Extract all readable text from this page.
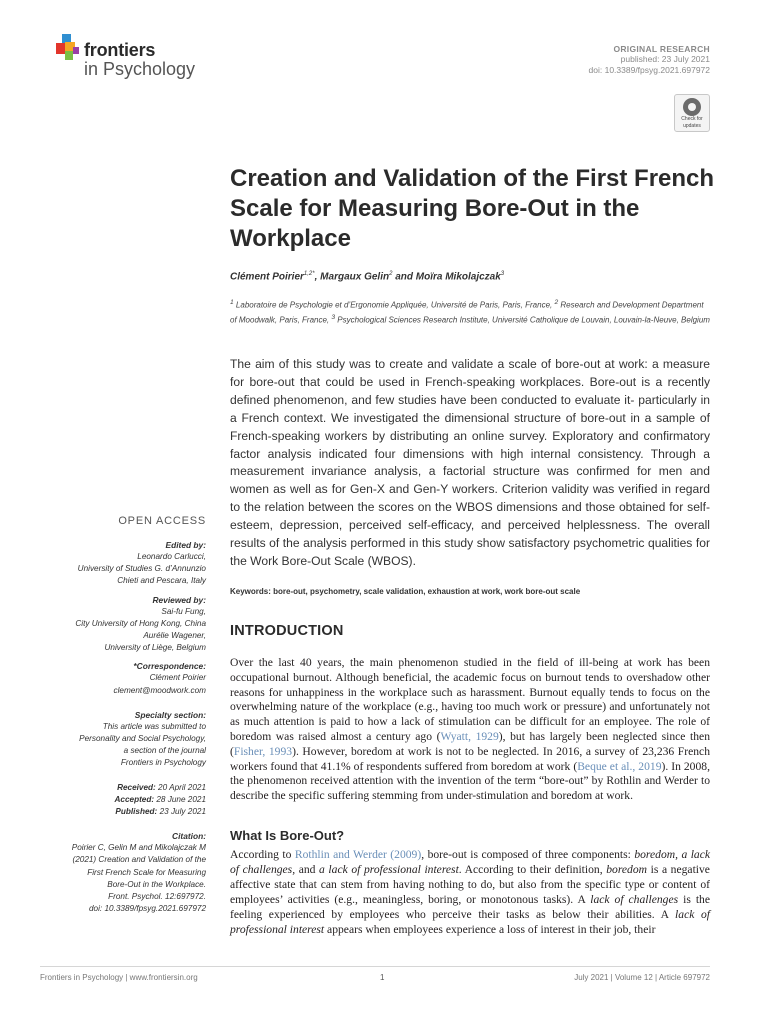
frontiers
in Psychology
ORIGINAL RESEARCH
published: 23 July 2021
doi: 10.3389/fpsyg.2021.697972
Check for
updates
Creation and Validation of the First French Scale for Measuring Bore-Out in the Workplace
Clément Poirier$^{1,2*}$, Margaux Gelin$^2$ and Moïra Mikolajczak$^3$

$^1$ Laboratoire de Psychologie et d’Ergonomie Appliquée, Université de Paris, Paris, France, $^2$ Research and Development Department of Moodwalk, Paris, France, $^3$ Psychological Sciences Research Institute, Université Catholique de Louvain, Louvain-la-Neuve, Belgium

The aim of this study was to create and validate a scale of bore-out at work: a measure for bore-out that could be used in French-speaking workplaces. Bore-out is a recently defined phenomenon, and few studies have been conducted to evaluate it- particularly in a French context. We investigated the dimensional structure of bore-out in a sample of French-speaking workers by distributing an online survey. Exploratory and confirmatory factor analysis indicated four dimensions with high internal consistency. Through a measurement invariance analysis, a factorial structure was confirmed for men and women as well as for Gen-X and Gen-Y workers. Criterion validity was verified in regard to the relation between the scores on the WBOS dimensions and those obtained for self-esteem, depression, perceived self-efficacy, and perceived helplessness. The overall results of the analysis performed in this study show satisfactory psychometric qualities for the Work Bore-Out Scale (WBOS).

Keywords: bore-out, psychometry, scale validation, exhaustion at work, work bore-out scale
OPEN ACCESS
Edited by:
Leonardo Carlucci,
University of Studies G. d’Annunzio
Chieti and Pescara, Italy
Reviewed by:
Sai-fu Fung,
City University of Hong Kong, China
Aurélie Wagener,
University of Liège, Belgium
*Correspondence:
Clément Poirier
clement@moodwork.com
Specialty section:
This article was submitted to
Personality and Social Psychology,
a section of the journal
Frontiers in Psychology
Received: 20 April 2021
Accepted: 28 June 2021
Published: 23 July 2021
Citation:
Poirier C, Gelin M and Mikolajczak M
(2021) Creation and Validation of the
First French Scale for Measuring
Bore-Out in the Workplace.
Front. Psychol. 12:697972.
doi: 10.3389/fpsyg.2021.697972
INTRODUCTION

Over the last 40 years, the main phenomenon studied in the field of ill-being at work has been occupational burnout. Although beneficial, the academic focus on burnout tends to overshadow other reasons for unhappiness in the workplace such as harassment. Burnout equally tends to focus on the overwhelming nature of the workplace (e.g., having too much work or pressure) and unfortunately not as much attention is paid to how a lack of stimulation can be difficult for an employee. The role of boredom was raised almost a century ago (Wyatt, 1929), but has largely been neglected since then (Fisher, 1993). However, boredom at work is not to be neglected. In 2016, a survey of 23,236 French workers found that 41.1% of respondents suffered from boredom at work (Beque et al., 2019). In 2008, the phenomenon received attention with the invention of the term “bore-out” by Rothlin and Werder to describe the specific suffering stemming from under-stimulation and boredom at work.

What Is Bore-Out?

According to Rothlin and Werder (2009), bore-out is composed of three components: boredom, a lack of challenges, and a lack of professional interest. According to their definition, boredom is a negative affective state that can stem from having nothing to do, but also from the specific type or content of employees’ activities (e.g., meaningless, boring, or monotonous tasks). A lack of challenges is the feeling experienced by employees who perceive their tasks as below their abilities. A lack of professional interest appears when employees experience a loss of interest in their job, their

Frontiers in Psychology | www.frontiersin.org	1	July 2021 | Volume 12 | Article 697972
